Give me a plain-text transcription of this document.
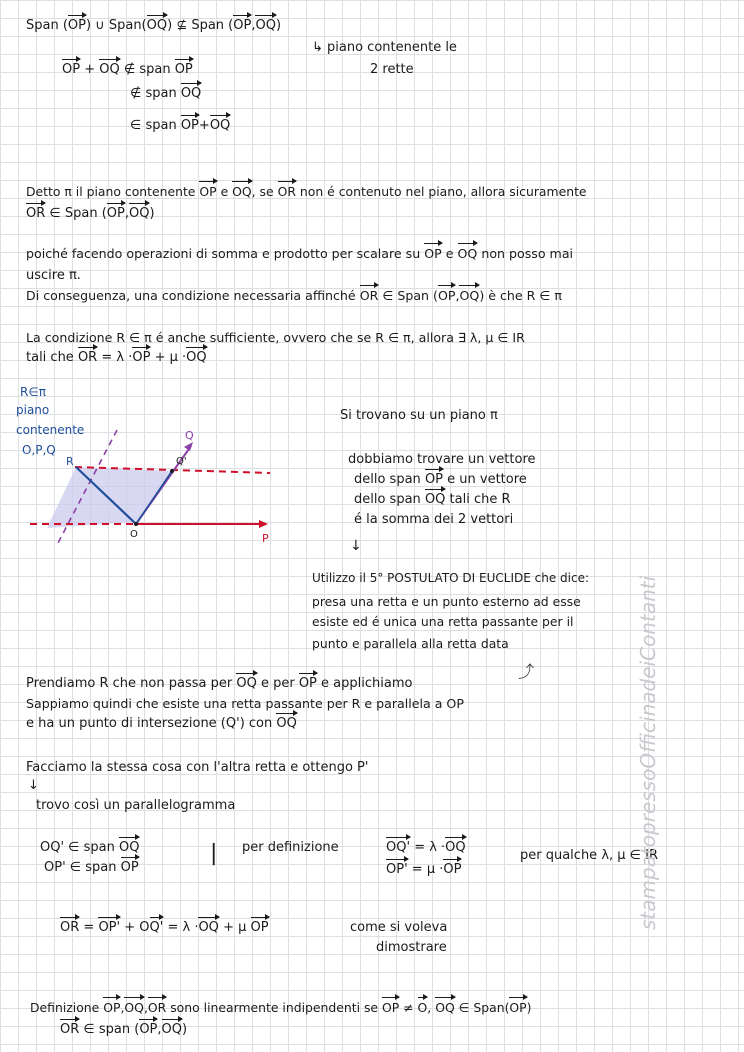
Span (OP) ∪ Span(OQ) ⊈ Span (OP,OQ)
↳ piano contenente le
2 rette
OP + OQ ∉ span OP
∉ span OQ
∈ span OP+OQ
Detto π il piano contenente OP e OQ, se OR non é contenuto nel piano, allora sicuramente
OR ∈ Span (OP,OQ)
poiché facendo operazioni di somma e prodotto per scalare su OP e OQ non posso mai
uscire π.
Di conseguenza, una condizione necessaria affinché OR ∈ Span (OP,OQ) è che R ∈ π
La condizione R ∈ π é anche sufficiente, ovvero che se R ∈ π, allora ∃ λ, μ ∈ IR
tali che OR = λ ·OP + μ ·OQ
R∈π
piano
contenente
O,P,Q
R
Q
Q'
O	P
Si trovano su un piano π
dobbiamo trovare un vettore
dello span OP e un vettore
dello span OQ tali che R
é la somma dei 2 vettori
↓
Utilizzo il 5° POSTULATO DI EUCLIDE che dice:
presa una retta e un punto esterno ad esse
esiste ed é unica una retta passante per il
punto e parallela alla retta data
⤴
Prendiamo R che non passa per OQ e per OP e applichiamo
Sappiamo quindi che esiste una retta passante per R e parallela a OP
e ha un punto di intersezione (Q') con OQ
Facciamo la stessa cosa con l'altra retta e ottengo P'
↓
trovo così un parallelogramma
OQ' ∈ span OQ
OP' ∈ span OP
| per definizione	OQ' = λ ·OQ
OP' = μ ·OP
per qualche λ, μ ∈ IR
OR = OP' + OQ' = λ ·OQ + μ OP	come si voleva
dimostrare
Definizione OP,OQ,OR sono linearmente indipendenti se OP ≠ O, OQ ∈ Span(OP)
OR ∈ span (OP,OQ)
stampatopressoOfficinadeiContanti
